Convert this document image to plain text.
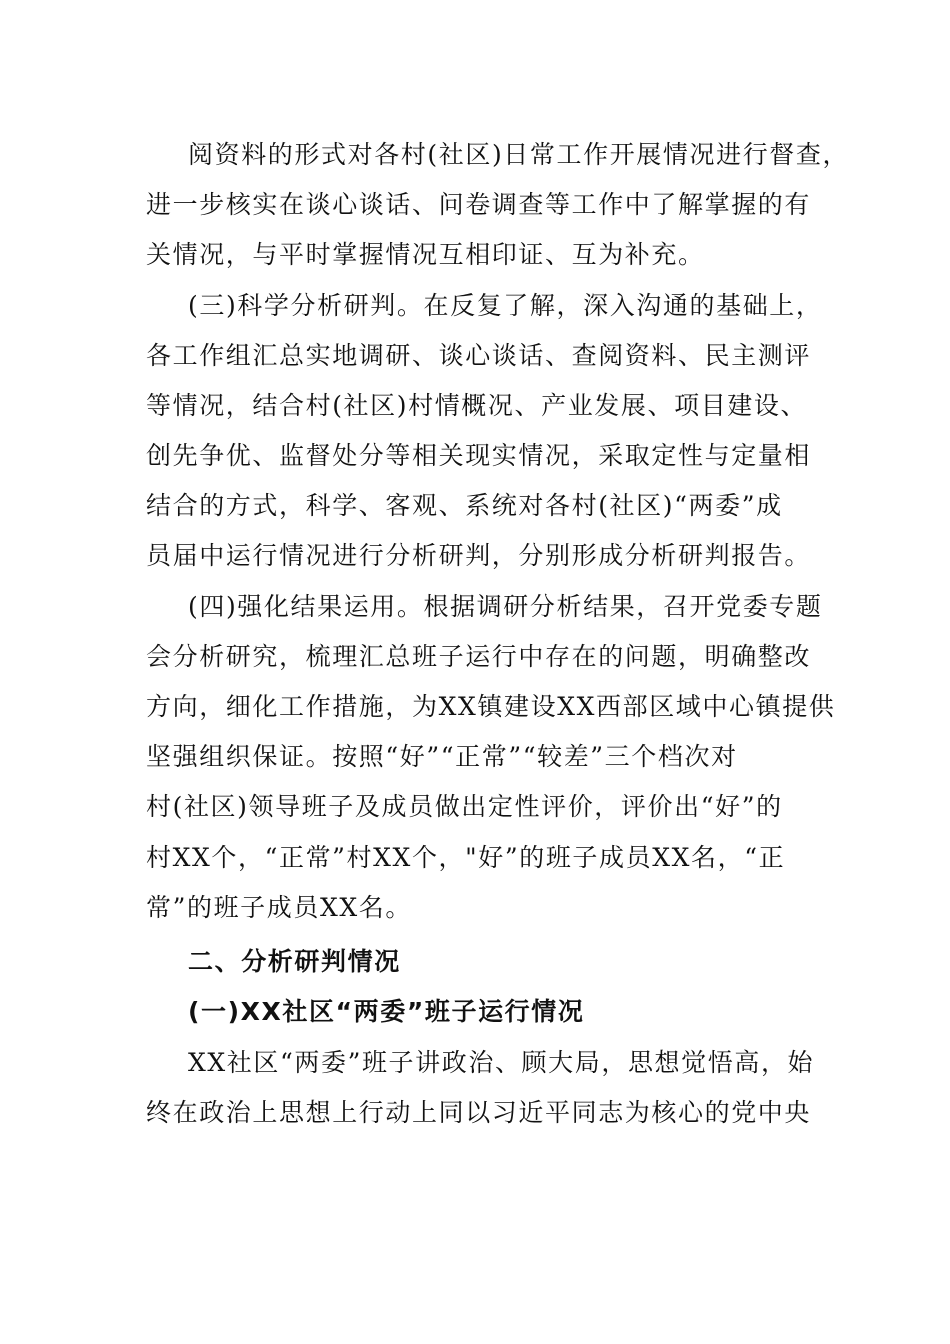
阅资料的形式对各村(社区)日常工作开展情况进行督查，
进一步核实在谈心谈话、问卷调查等工作中了解掌握的有
关情况，与平时掌握情况互相印证、互为补充。
(三)科学分析研判。在反复了解，深入沟通的基础上，
各工作组汇总实地调研、谈心谈话、查阅资料、民主测评
等情况，结合村(社区)村情概况、产业发展、项目建设、
创先争优、监督处分等相关现实情况，采取定性与定量相
结合的方式，科学、客观、系统对各村(社区)“两委”成
员届中运行情况进行分析研判，分别形成分析研判报告。
(四)强化结果运用。根据调研分析结果，召开党委专题
会分析研究，梳理汇总班子运行中存在的问题，明确整改
方向，细化工作措施，为XX镇建设XX西部区域中心镇提供
坚强组织保证。按照“好”“正常”“较差”三个档次对
村(社区)领导班子及成员做出定性评价，评价出“好”的
村XX个，“正常”村XX个，"好”的班子成员XX名，“正
常”的班子成员XX名。
二、分析研判情况
(一)XX社区“两委”班子运行情况
XX社区“两委”班子讲政治、顾大局，思想觉悟高，始
终在政治上思想上行动上同以习近平同志为核心的党中央
